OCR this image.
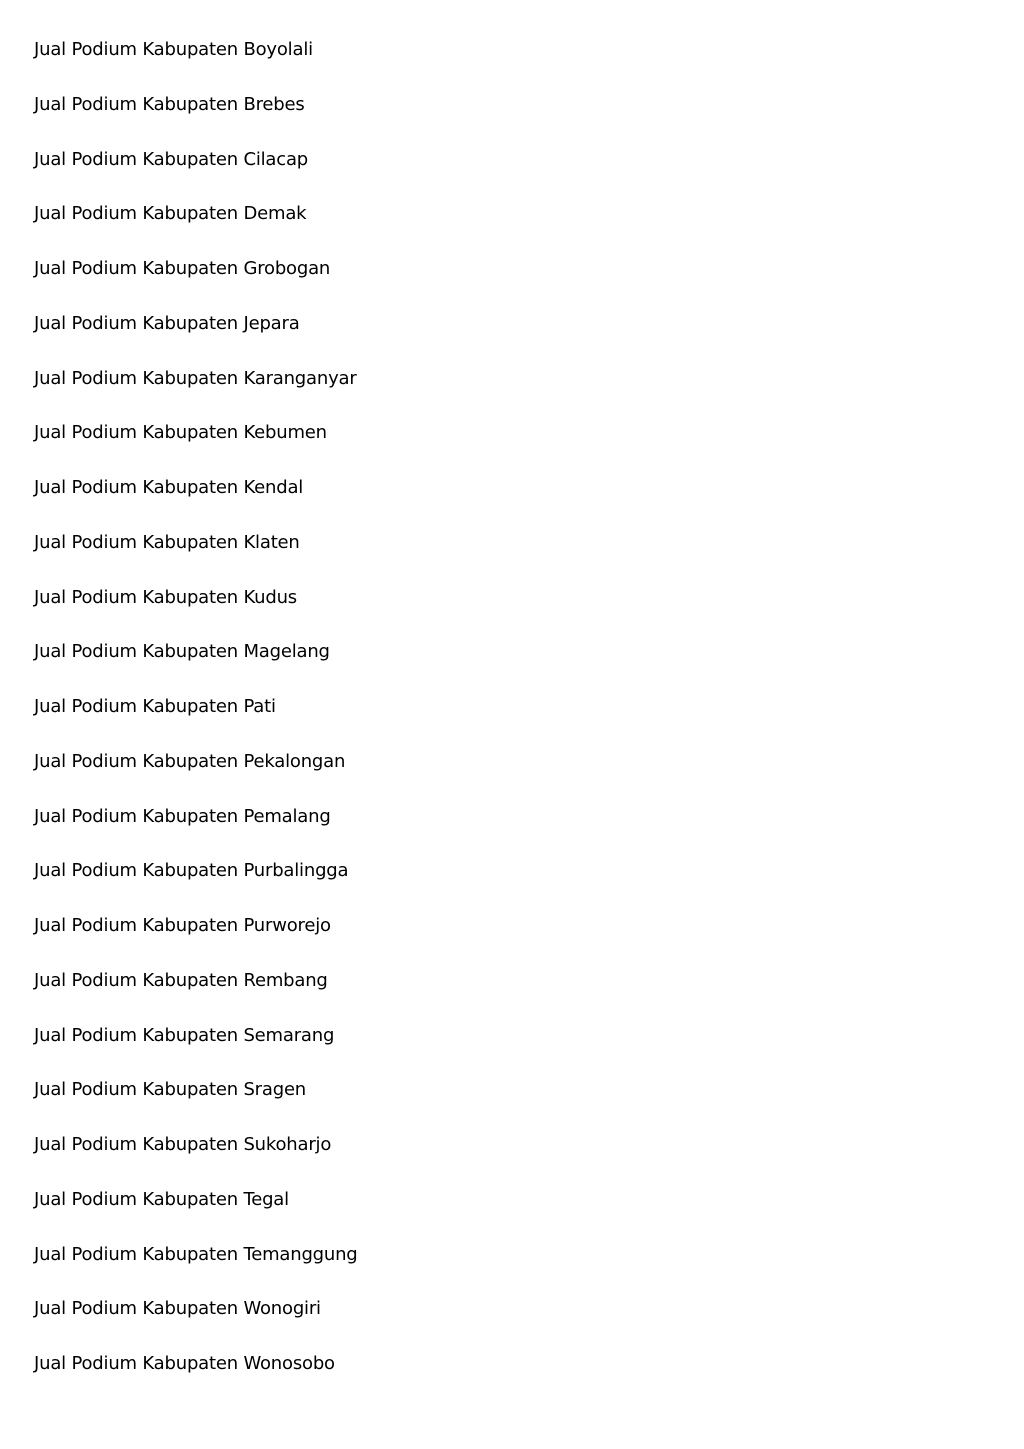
Jual Podium Kabupaten Boyolali
Jual Podium Kabupaten Brebes
Jual Podium Kabupaten Cilacap
Jual Podium Kabupaten Demak
Jual Podium Kabupaten Grobogan
Jual Podium Kabupaten Jepara
Jual Podium Kabupaten Karanganyar
Jual Podium Kabupaten Kebumen
Jual Podium Kabupaten Kendal
Jual Podium Kabupaten Klaten
Jual Podium Kabupaten Kudus
Jual Podium Kabupaten Magelang
Jual Podium Kabupaten Pati
Jual Podium Kabupaten Pekalongan
Jual Podium Kabupaten Pemalang
Jual Podium Kabupaten Purbalingga
Jual Podium Kabupaten Purworejo
Jual Podium Kabupaten Rembang
Jual Podium Kabupaten Semarang
Jual Podium Kabupaten Sragen
Jual Podium Kabupaten Sukoharjo
Jual Podium Kabupaten Tegal
Jual Podium Kabupaten Temanggung
Jual Podium Kabupaten Wonogiri
Jual Podium Kabupaten Wonosobo
